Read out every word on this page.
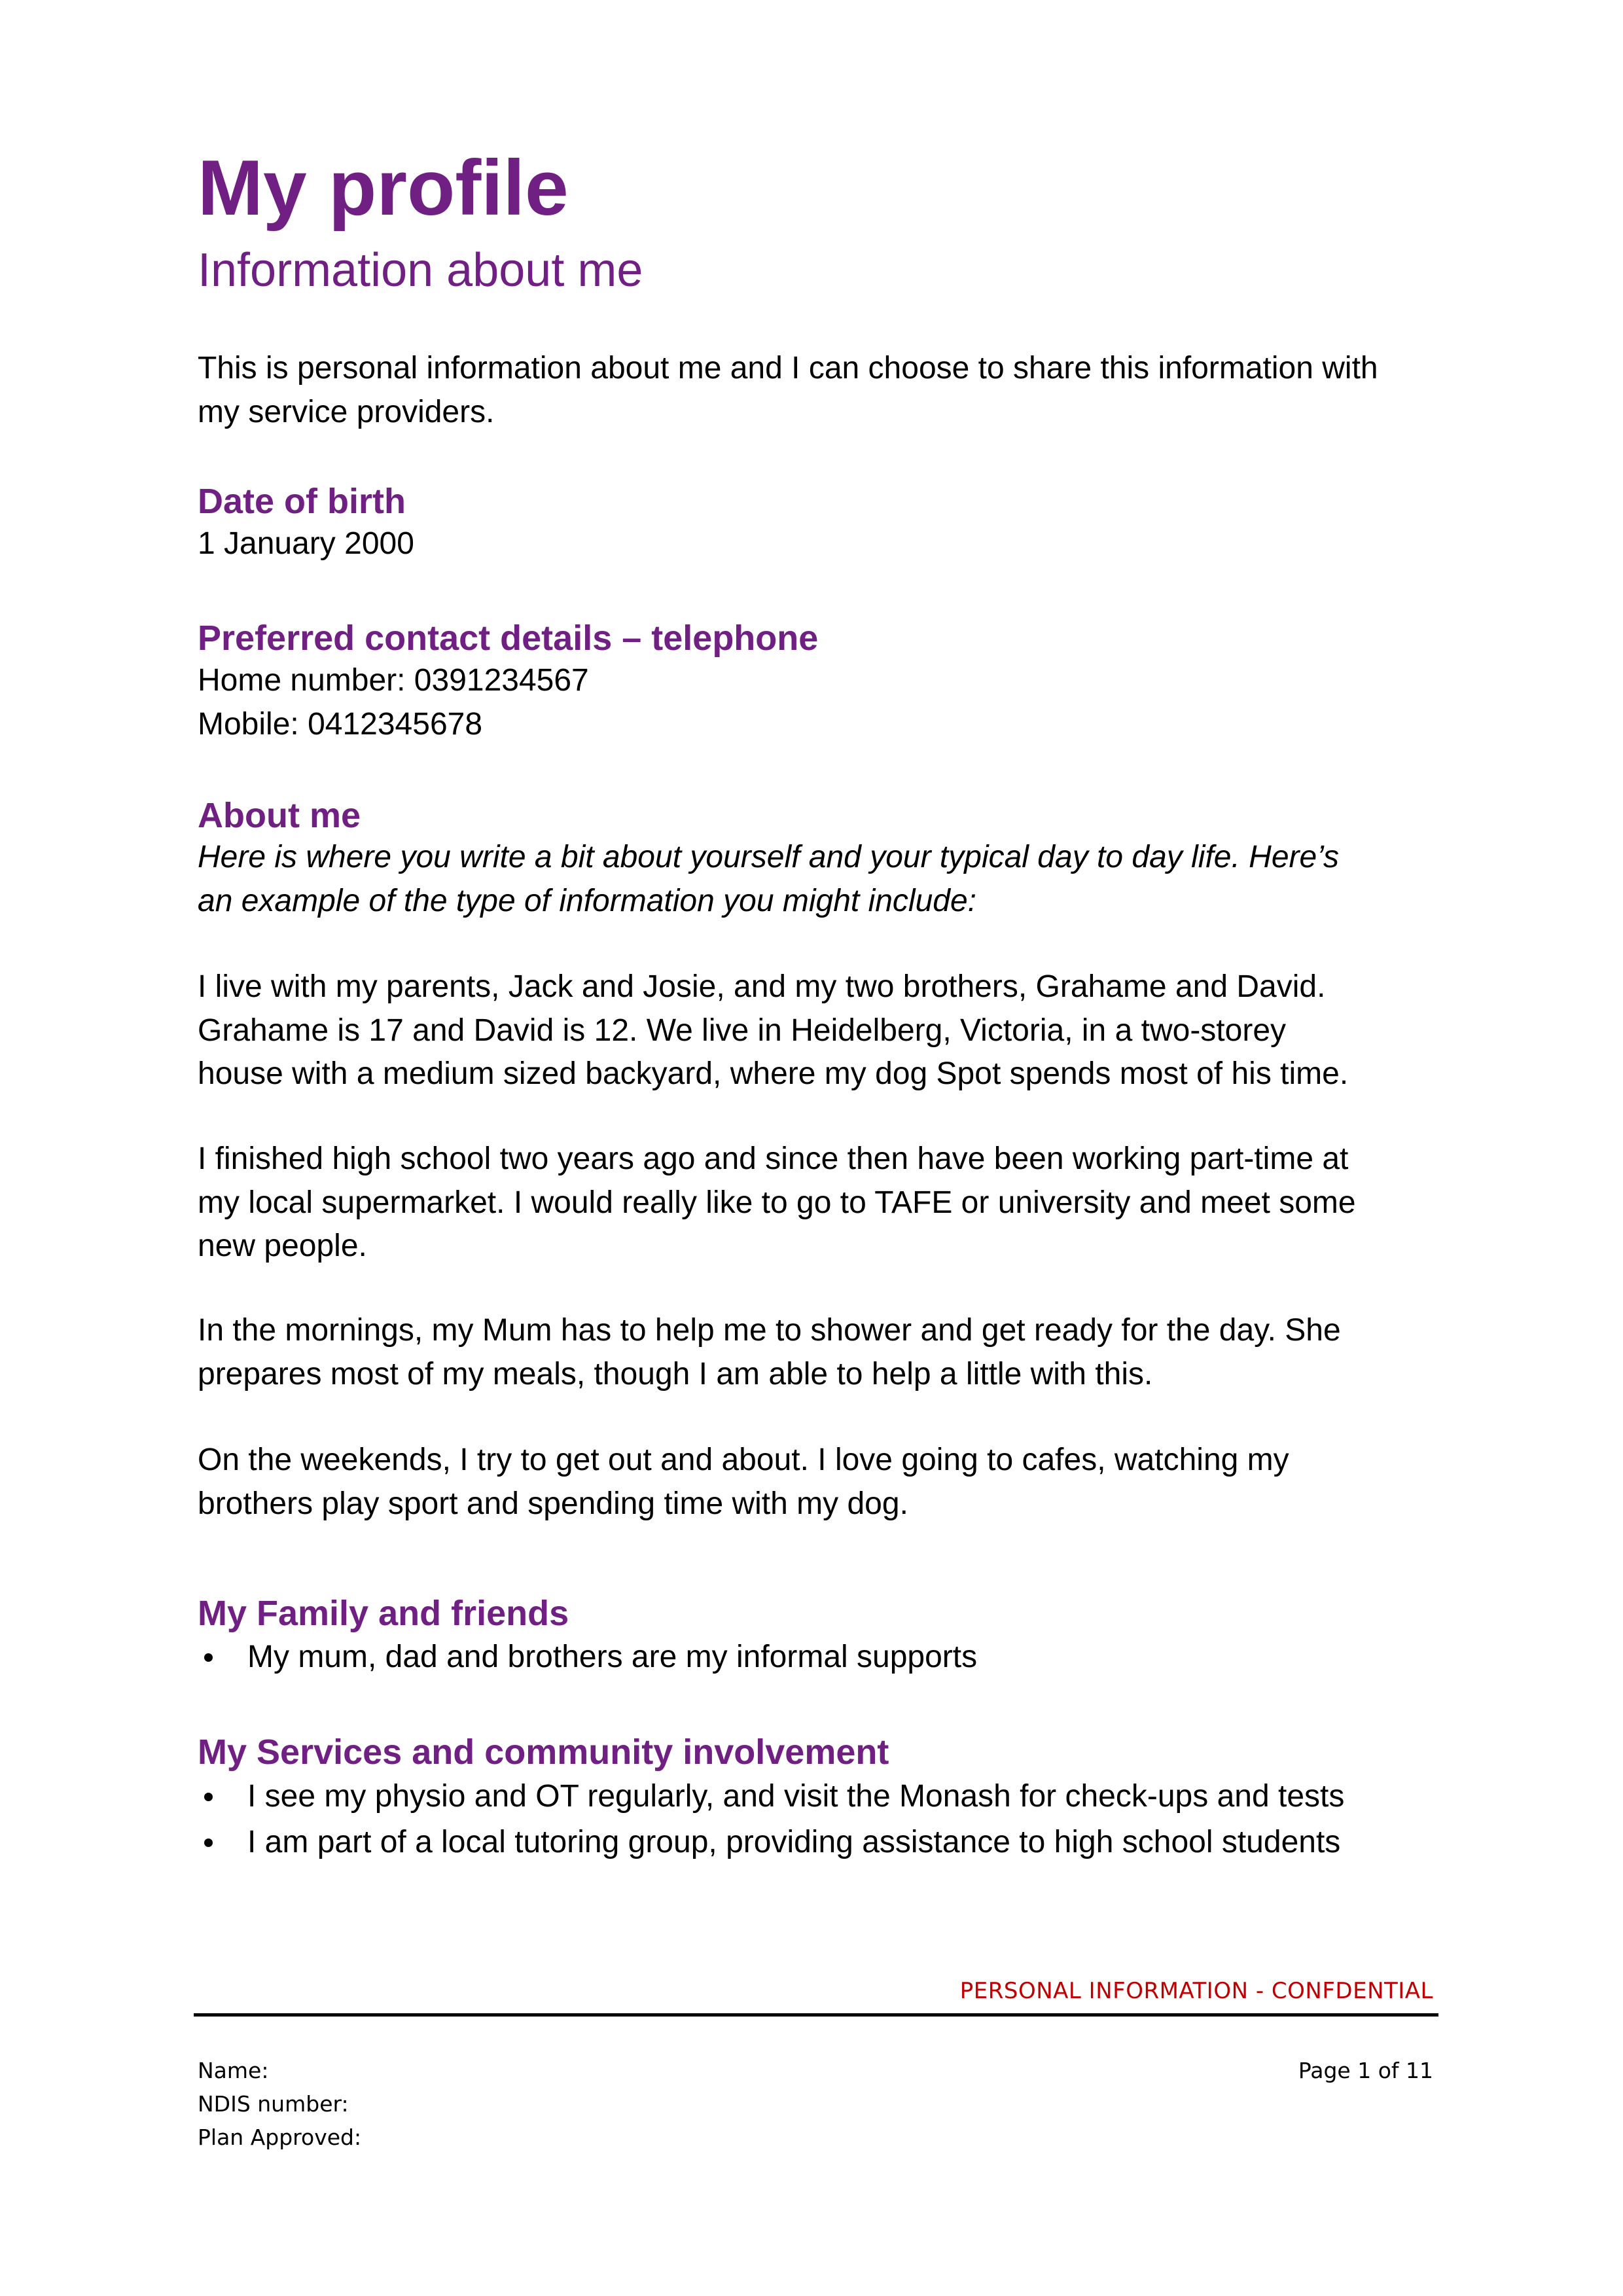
My profile
Information about me

This is personal information about me and I can choose to share this information with
my service providers.

Date of birth

1 January 2000

Preferred contact details – telephone

Home number: 0391234567
Mobile: 0412345678

About me

Here is where you write a bit about yourself and your typical day to day life. Here’s
an example of the type of information you might include:

I live with my parents, Jack and Josie, and my two brothers, Grahame and David.
Grahame is 17 and David is 12. We live in Heidelberg, Victoria, in a two-storey
house with a medium sized backyard, where my dog Spot spends most of his time.

I finished high school two years ago and since then have been working part-time at
my local supermarket. I would really like to go to TAFE or university and meet some
new people.

In the mornings, my Mum has to help me to shower and get ready for the day. She
prepares most of my meals, though I am able to help a little with this.

On the weekends, I try to get out and about. I love going to cafes, watching my
brothers play sport and spending time with my dog.

My Family and friends
My mum, dad and brothers are my informal supports
My Services and community involvement
I see my physio and OT regularly, and visit the Monash for check-ups and tests
I am part of a local tutoring group, providing assistance to high school students
PERSONAL INFORMATION - CONFDENTIAL
Name:
NDIS number:
Plan Approved:
Page 1 of 11
